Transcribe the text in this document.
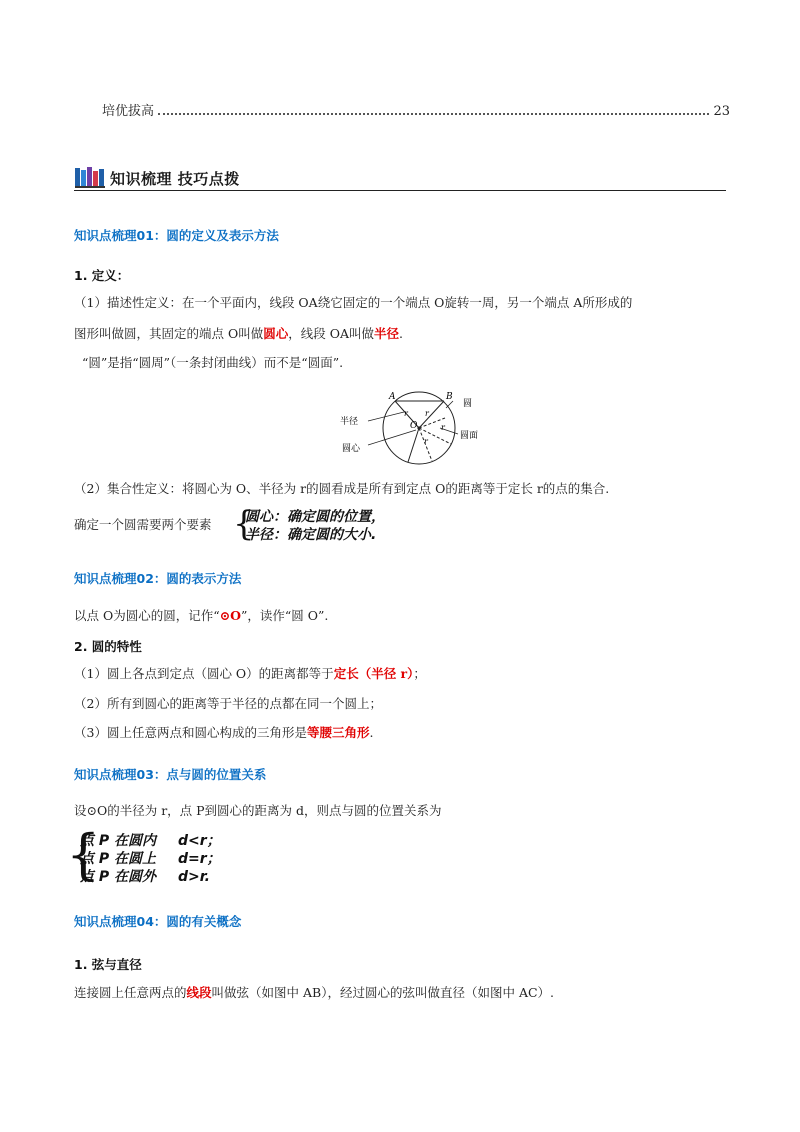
培优拔高	23
知识梳理 技巧点拨
知识点梳理01：圆的定义及表示方法
1. 定义：
（1）描述性定义：在一个平面内，线段 OA绕它固定的一个端点 O旋转一周，另一个端点 A所形成的
图形叫做圆，其固定的端点 O叫做圆心，线段 OA叫做半径.
“圆”是指“圆周”（一条封闭曲线）而不是“圆面”.
A	B
O
r r
r
r
半径
圆心
圆
圆面
（2）集合性定义：将圆心为 O、半径为 r的圆看成是所有到定点 O的距离等于定长 r的点的集合.
确定一个圆需要两个要素 {
圆心：确定圆的位置，
半径：确定圆的大小.
知识点梳理02：圆的表示方法
以点 O为圆心的圆，记作“⊙O”，读作“圆 O”.
2. 圆的特性
（1）圆上各点到定点（圆心 O）的距离都等于定长（半径 r）；
（2）所有到圆心的距离等于半径的点都在同一个圆上；
（3）圆上任意两点和圆心构成的三角形是等腰三角形.
知识点梳理03：点与圆的位置关系
设⊙O的半径为 r，点 P到圆心的距离为 d，则点与圆的位置关系为
{
点 P 在圆内 d<r；
点 P 在圆上 d=r；
点 P 在圆外 d>r.
知识点梳理04：圆的有关概念
1. 弦与直径
连接圆上任意两点的线段叫做弦（如图中 AB），经过圆心的弦叫做直径（如图中 AC）.
